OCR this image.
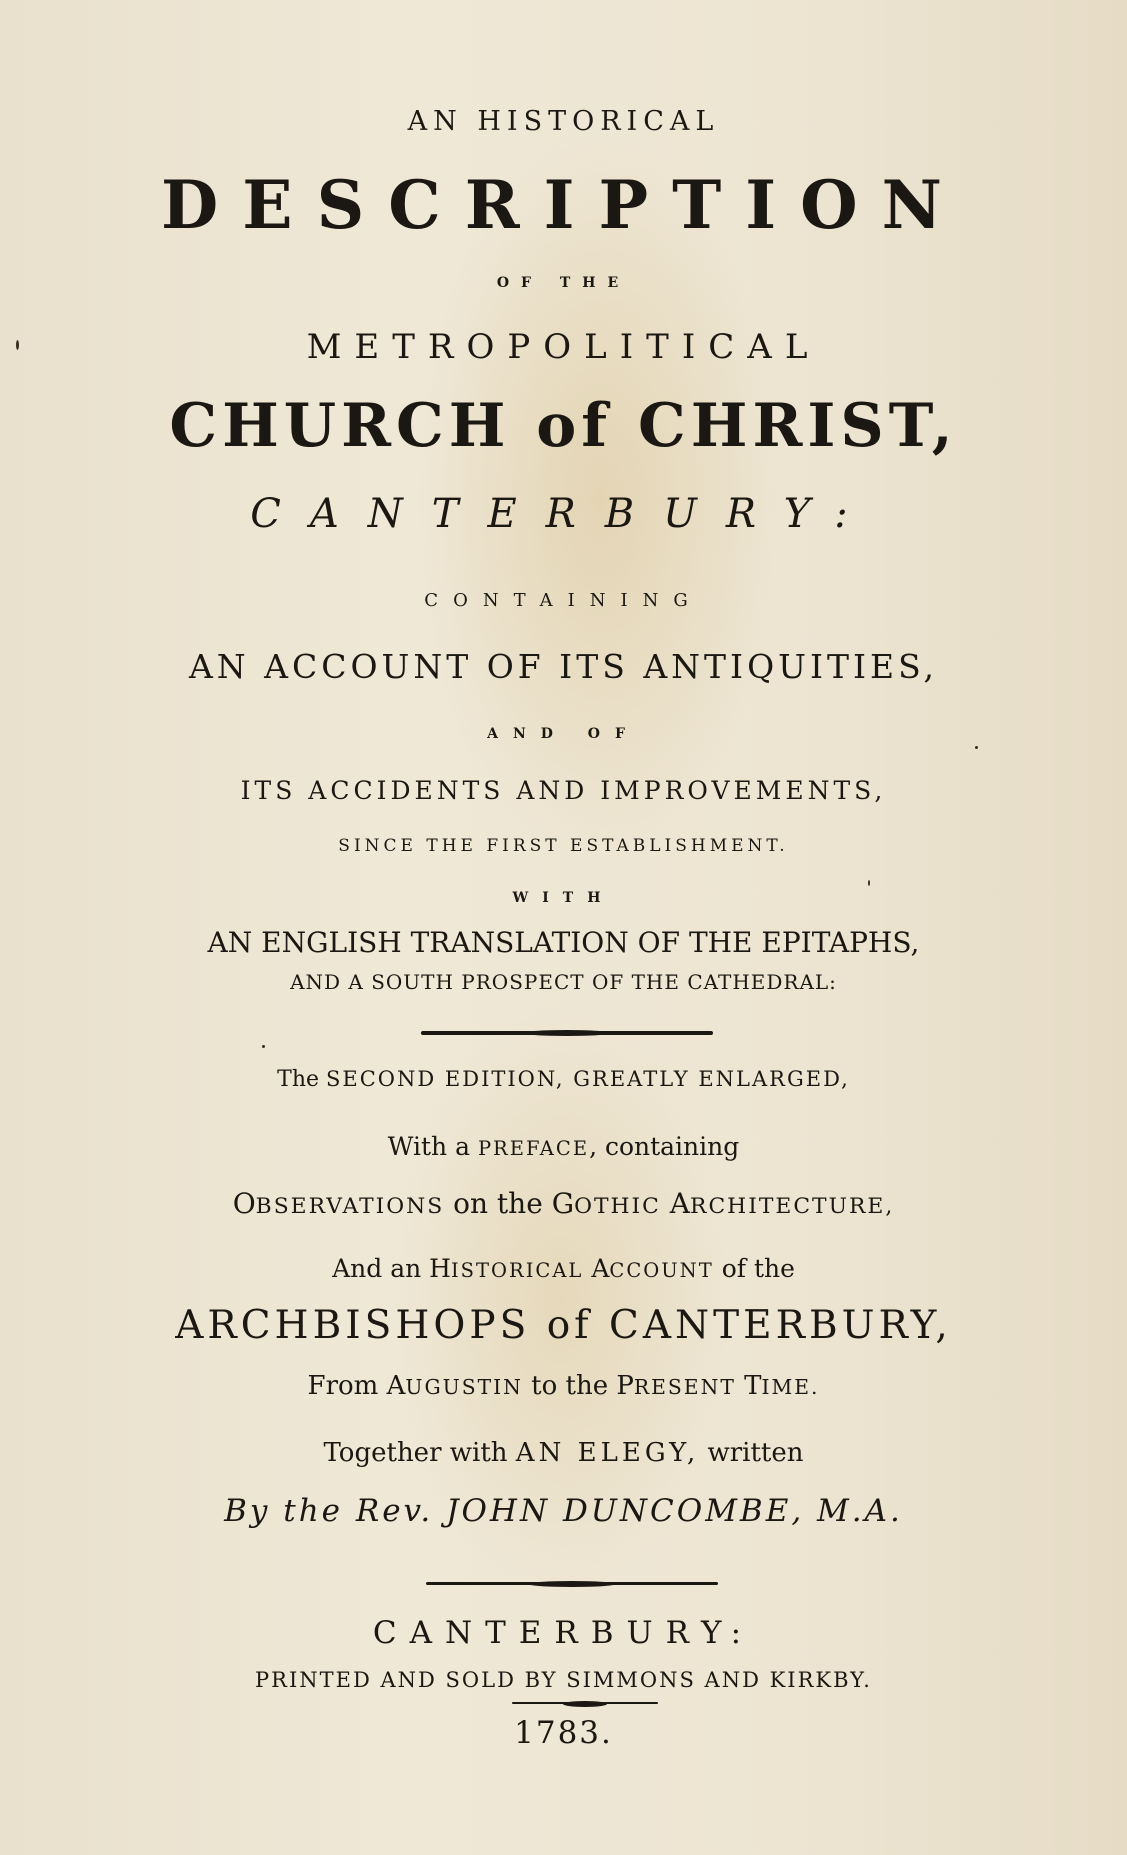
AN HISTORICAL
DESCRIPTION
OF THE
METROPOLITICAL
CHURCH of CHRIST,
CANTERBURY:
CONTAINING
AN ACCOUNT OF ITS ANTIQUITIES,
AND OF
ITS ACCIDENTS AND IMPROVEMENTS,
SINCE THE FIRST ESTABLISHMENT.
WITH
AN ENGLISH TRANSLATION OF THE EPITAPHS,
AND A SOUTH PROSPECT OF THE CATHEDRAL:
The SECOND EDITION, GREATLY ENLARGED,
With a PREFACE, containing
OBSERVATIONS on the GOTHIC ARCHITECTURE,
And an HISTORICAL ACCOUNT of the
ARCHBISHOPS of CANTERBURY,
From AUGUSTIN to the PRESENT TIME.
Together with AN ELEGY, written
By the Rev. JOHN DUNCOMBE, M.A.
CANTERBURY:
PRINTED AND SOLD BY SIMMONS AND KIRKBY.
1783.
